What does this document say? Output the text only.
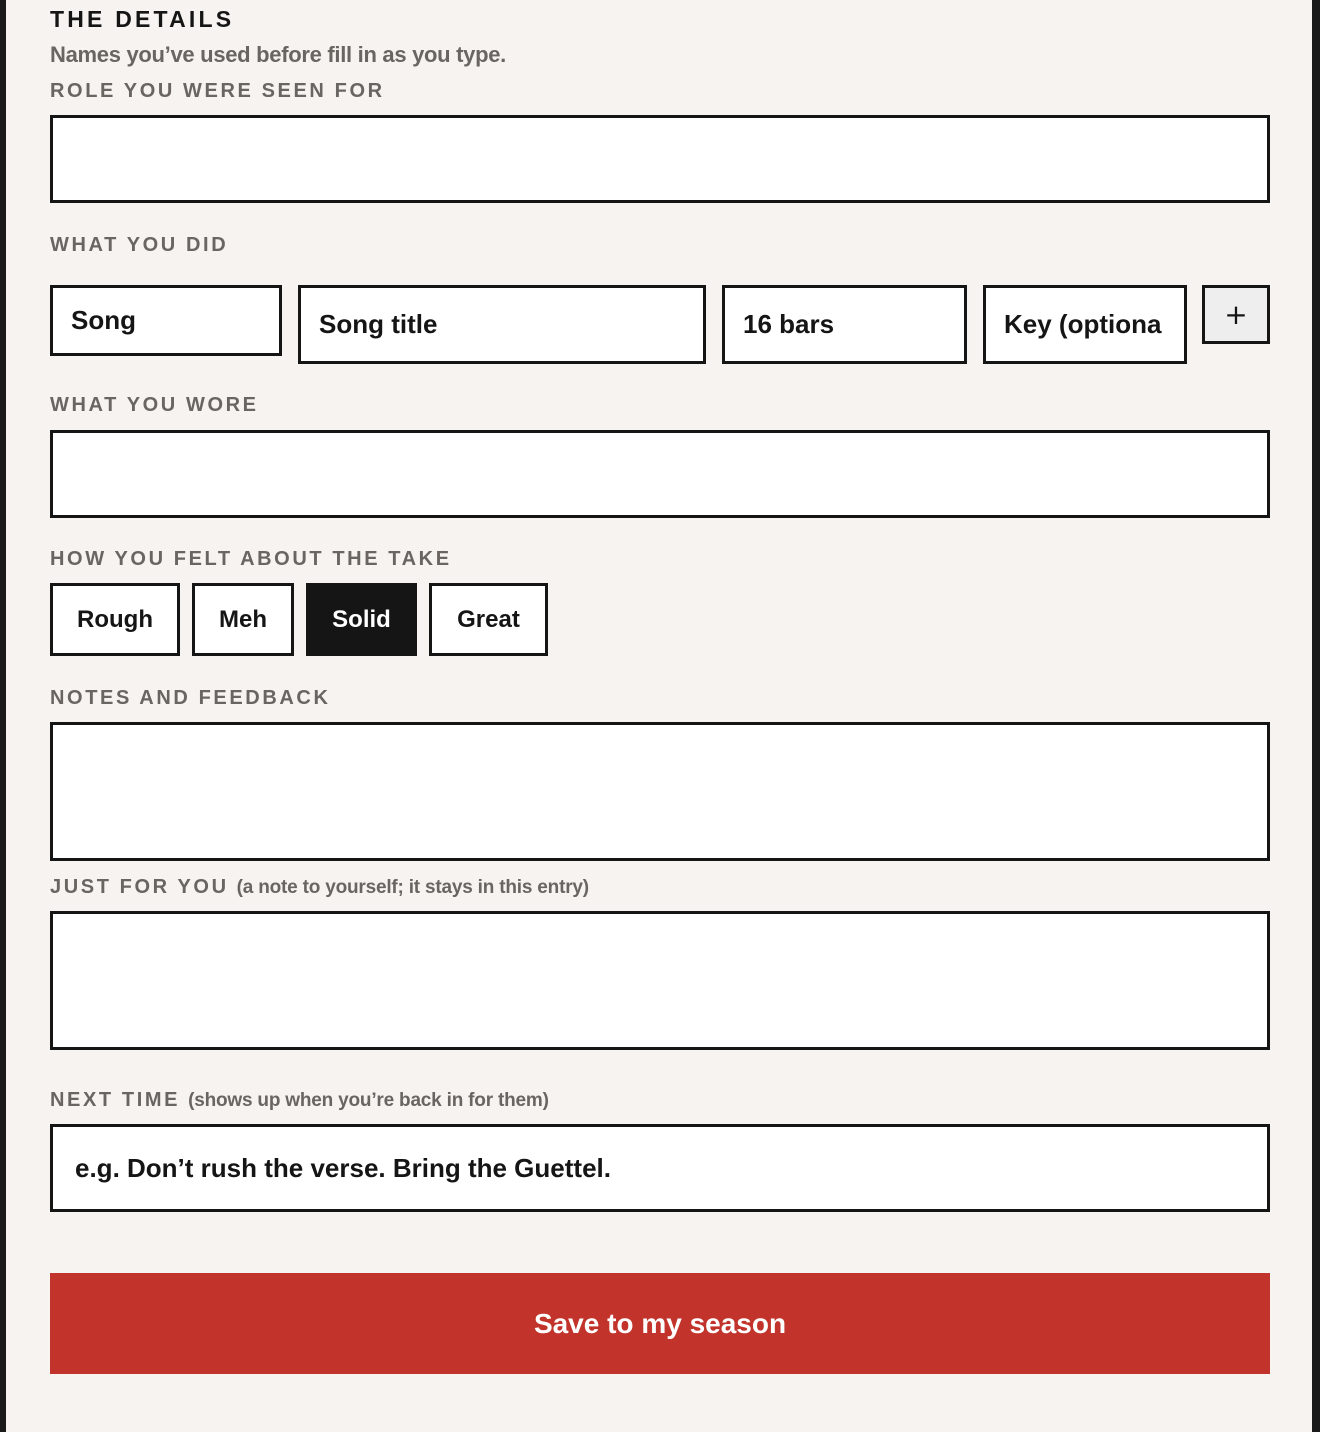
THE DETAILS
Names you’ve used before fill in as you type.
ROLE YOU WERE SEEN FOR
WHAT YOU DID
Song
Song title
16 bars
Key (optiona
+
WHAT YOU WORE
HOW YOU FELT ABOUT THE TAKE
Rough	Meh	Solid	Great
NOTES AND FEEDBACK
JUST FOR YOU (a note to yourself; it stays in this entry)
NEXT TIME (shows up when you’re back in for them)
e.g. Don’t rush the verse. Bring the Guettel.
Save to my season
